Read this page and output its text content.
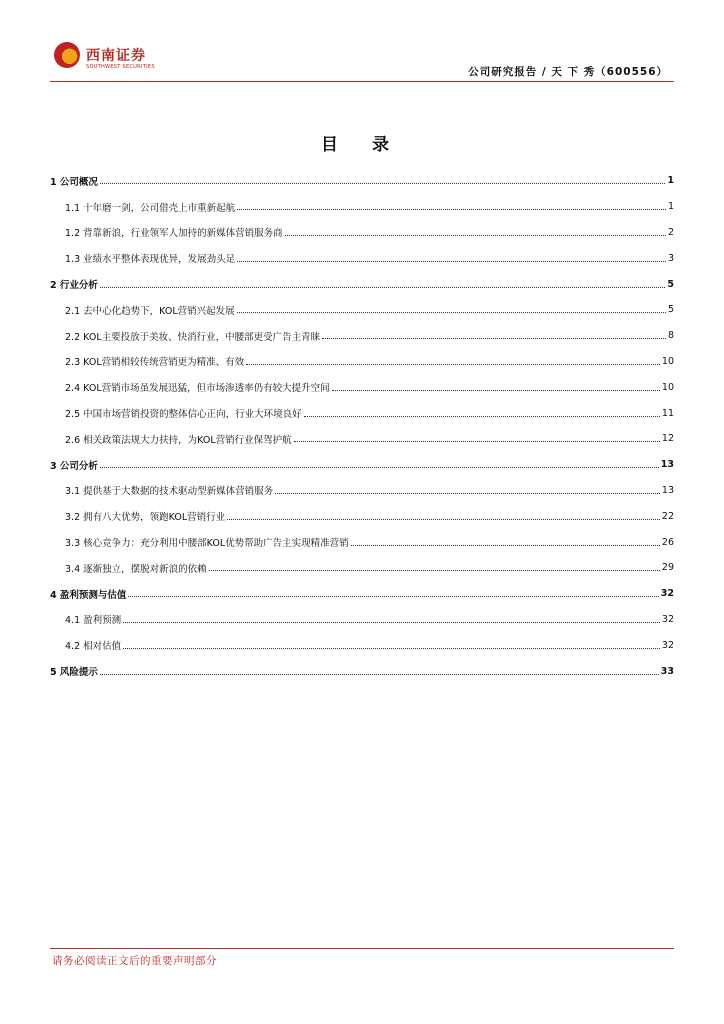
西南证券
SOUTHWEST SECURITIES	公司研究报告 / 天 下 秀（600556）
目 录
1 公司概况	1
1.1 十年磨一剑，公司借壳上市重新起航	1
1.2 背靠新浪，行业领军人加持的新媒体营销服务商	2
1.3 业绩水平整体表现优异，发展劲头足	3
2 行业分析	5
2.1 去中心化趋势下，KOL营销兴起发展	5
2.2 KOL主要投放于美妆、快消行业，中腰部更受广告主青睐	8
2.3 KOL营销相较传统营销更为精准、有效	10
2.4 KOL营销市场虽发展迅猛，但市场渗透率仍有较大提升空间	10
2.5 中国市场营销投资的整体信心正向，行业大环境良好	11
2.6 相关政策法规大力扶持，为KOL营销行业保驾护航	12
3 公司分析	13
3.1 提供基于大数据的技术驱动型新媒体营销服务	13
3.2 拥有八大优势，领跑KOL营销行业	22
3.3 核心竞争力：充分利用中腰部KOL优势帮助广告主实现精准营销	26
3.4 逐渐独立，摆脱对新浪的依赖	29
4 盈利预测与估值	32
4.1 盈利预测	32
4.2 相对估值	32
5 风险提示	33
请务必阅读正文后的重要声明部分
